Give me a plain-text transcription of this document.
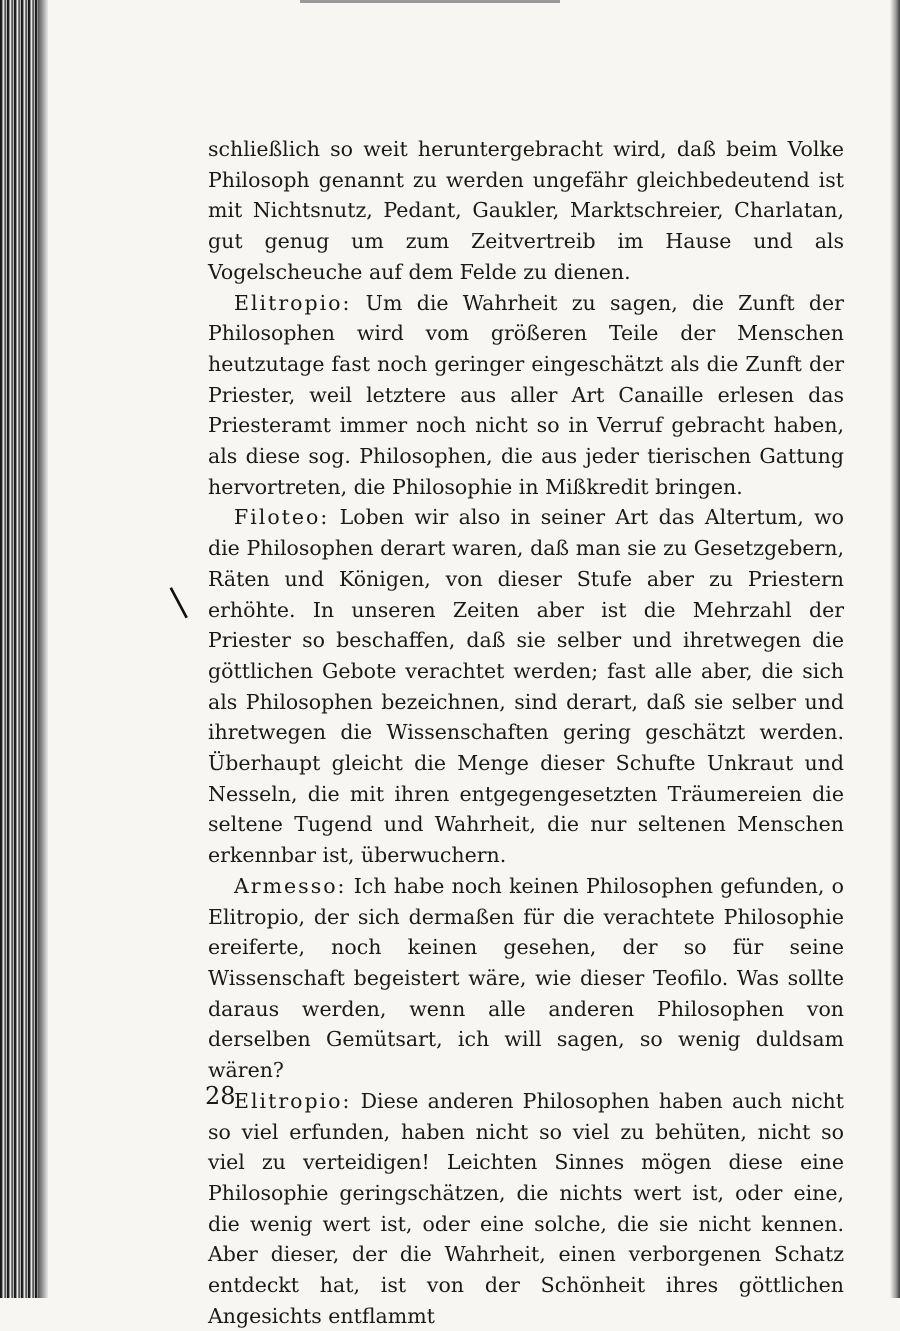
schließlich so weit heruntergebracht wird, daß beim Volke Philosoph genannt zu werden ungefähr gleichbedeutend ist mit Nichtsnutz, Pedant, Gaukler, Marktschreier, Charlatan, gut genug um zum Zeitvertreib im Hause und als Vogelscheuche auf dem Felde zu dienen.

Elitropio: Um die Wahrheit zu sagen, die Zunft der Philosophen wird vom größeren Teile der Menschen heutzutage fast noch geringer eingeschätzt als die Zunft der Priester, weil letztere aus aller Art Canaille erlesen das Priesteramt immer noch nicht so in Verruf gebracht haben, als diese sog. Philosophen, die aus jeder tierischen Gattung hervortreten, die Philosophie in Mißkredit bringen.

Filoteo: Loben wir also in seiner Art das Altertum, wo die Philosophen derart waren, daß man sie zu Gesetzgebern, Räten und Königen, von dieser Stufe aber zu Priestern erhöhte. In unseren Zeiten aber ist die Mehrzahl der Priester so beschaffen, daß sie selber und ihretwegen die göttlichen Gebote verachtet werden; fast alle aber, die sich als Philosophen bezeichnen, sind derart, daß sie selber und ihretwegen die Wissenschaften gering geschätzt werden. Überhaupt gleicht die Menge dieser Schufte Unkraut und Nesseln, die mit ihren entgegengesetzten Träumereien die seltene Tugend und Wahrheit, die nur seltenen Menschen erkennbar ist, überwuchern.

Armesso: Ich habe noch keinen Philosophen gefunden, o Elitropio, der sich dermaßen für die verachtete Philosophie ereiferte, noch keinen gesehen, der so für seine Wissenschaft begeistert wäre, wie dieser Teofilo. Was sollte daraus werden, wenn alle anderen Philosophen von derselben Gemütsart, ich will sagen, so wenig duldsam wären?

Elitropio: Diese anderen Philosophen haben auch nicht so viel erfunden, haben nicht so viel zu behüten, nicht so viel zu verteidigen! Leichten Sinnes mögen diese eine Philosophie geringschätzen, die nichts wert ist, oder eine, die wenig wert ist, oder eine solche, die sie nicht kennen. Aber dieser, der die Wahrheit, einen verborgenen Schatz entdeckt hat, ist von der Schönheit ihres göttlichen Angesichts entflammt

|
28
